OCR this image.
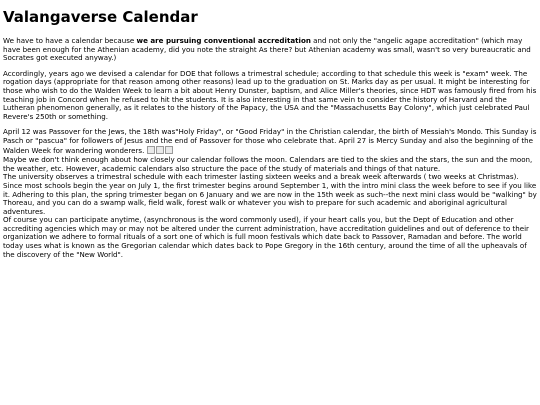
Valangaverse Calendar

We have to have a calendar because we are pursuing conventional accreditation and not only the "angelic agape accreditation" (which may have been enough for the Athenian academy, did you note the straight As there? but Athenian academy was small, wasn't so very bureaucratic and Socrates got executed anyway.)

Accordingly, years ago we devised a calendar for DOE that follows a trimestral schedule; according to that schedule this week is "exam" week. The rogation days (appropriate for that reason among other reasons) lead up to the graduation on St. Marks day as per usual. It might be interesting for those who wish to do the Walden Week to learn a bit about Henry Dunster, baptism, and Alice Miller's theories, since HDT was famously fired from his teaching job in Concord when he refused to hit the students. It is also interesting in that same vein to consider the history of Harvard and the Lutheran phenomenon generally, as it relates to the history of the Papacy, the USA and the "Massachusetts Bay Colony", which just celebrated Paul Revere's 250th or something.

April 12 was Passover for the Jews, the 18th was"Holy Friday", or "Good Friday" in the Christian calendar, the birth of Messiah's Mondo. This Sunday is Pasch or "pascua" for followers of Jesus and the end of Passover for those who celebrate that. April 27 is Mercy Sunday and also the beginning of the Walden Week for wandering wonderers.

Maybe we don't think enough about how closely our calendar follows the moon. Calendars are tied to the skies and the stars, the sun and the moon, the weather, etc. However, academic calendars also structure the pace of the study of materials and things of that nature.

The university observes a trimestral schedule with each trimester lasting sixteen weeks and a break week afterwards ( two weeks at Christmas). Since most schools begin the year on July 1, the first trimester begins around September 1, with the intro mini class the week before to see if you like it. Adhering to this plan, the spring trimester began on 6 January and we are now in the 15th week as such--the next mini class would be "walking" by Thoreau, and you can do a swamp walk, field walk, forest walk or whatever you wish to prepare for such academic and aboriginal agricultural adventures.

Of course you can participate anytime, (asynchronous is the word commonly used), if your heart calls you, but the Dept of Education and other accrediting agencies which may or may not be altered under the current administration, have accreditation guidelines and out of deference to their organization we adhere to formal rituals of a sort one of which is full moon festivals which date back to Passover, Ramadan and before. The world today uses what is known as the Gregorian calendar which dates back to Pope Gregory in the 16th century, around the time of all the upheavals of the discovery of the "New World".
